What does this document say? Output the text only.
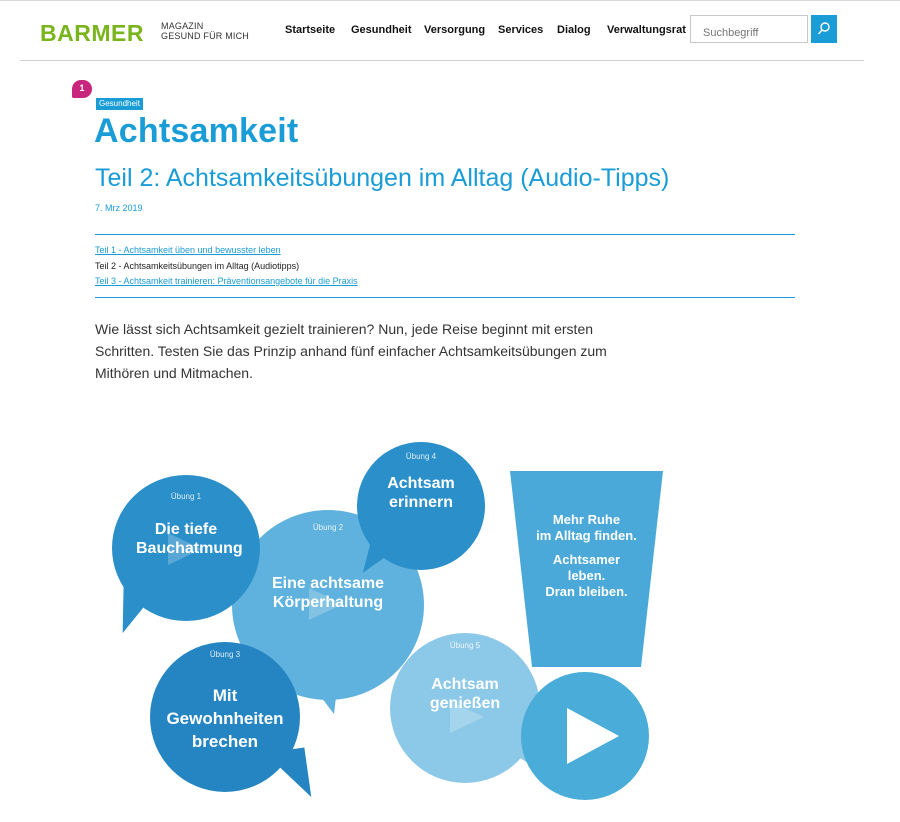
BARMER MAGAZIN
GESUND FÜR MICH	Startseite Gesundheit Versorgung Services Dialog Verwaltungsrat
Suchbegriff
1
Gesundheit
Achtsamkeit
Teil 2: Achtsamkeitsübungen im Alltag (Audio-Tipps)
7. Mrz 2019
Teil 1 - Achtsamkeit üben und bewusster leben
Teil 2 - Achtsamkeitsübungen im Alltag (Audiotipps)
Teil 3 - Achtsamkeit trainieren: Präventionsangebote für die Praxis

Wie lässt sich Achtsamkeit gezielt trainieren? Nun, jede Reise beginnt mit ersten Schritten. Testen Sie das Prinzip anhand fünf einfacher Achtsamkeitsübungen zum Mithören und Mitmachen.

Übung 2
Eine achtsame Körperhaltung
Übung 1
Die tiefe Bauchatmung
Übung 3
Mit Gewohnheiten brechen
Übung 4
Achtsam erinnern
Übung 5
Achtsam genießen
Mehr Ruhe
im Alltag finden.
Achtsamer
leben.
Dran bleiben.
